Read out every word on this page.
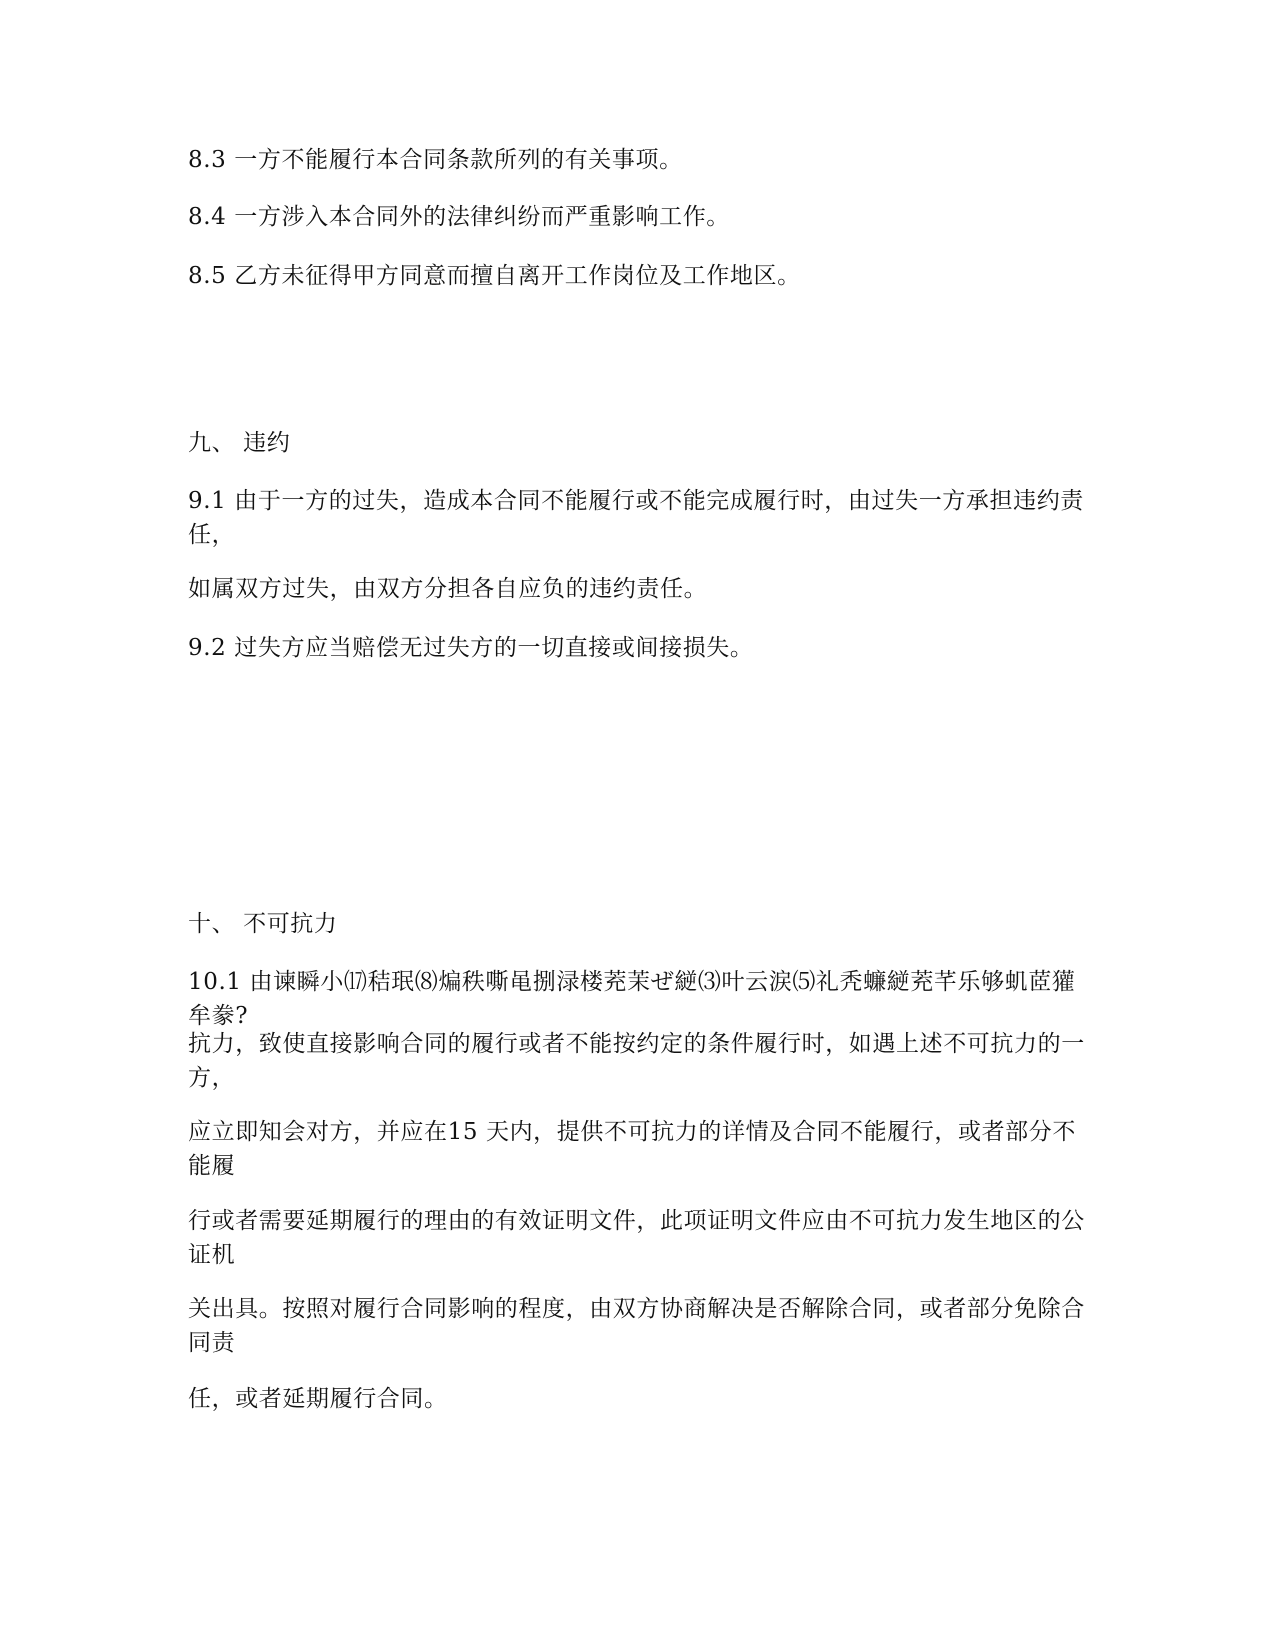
8.3 一方不能履行本合同条款所列的有关事项。
8.4 一方涉入本合同外的法律纠纷而严重影响工作。
8.5 乙方未征得甲方同意而擅自离开工作岗位及工作地区。
九、 违约
9.1 由于一方的过失，造成本合同不能履行或不能完成履行时，由过失一方承担违约责任，
如属双方过失，由双方分担各自应负的违约责任。
9.2 过失方应当赔偿无过失方的一切直接或间接损失。
十、 不可抗力
10.1 由谏瞬小⒄秸珉⑻煸秩嘶黾捌渌楼茺茉ぜ縌⑶叶云涙⑸礼秃蠊縌茺芊乐够虮茝獾牟豢?
抗力，致使直接影响合同的履行或者不能按约定的条件履行时，如遇上述不可抗力的一方，
应立即知会对方，并应在15 天内，提供不可抗力的详情及合同不能履行，或者部分不能履
行或者需要延期履行的理由的有效证明文件，此项证明文件应由不可抗力发生地区的公证机
关出具。按照对履行合同影响的程度，由双方协商解决是否解除合同，或者部分免除合同责
任，或者延期履行合同。
